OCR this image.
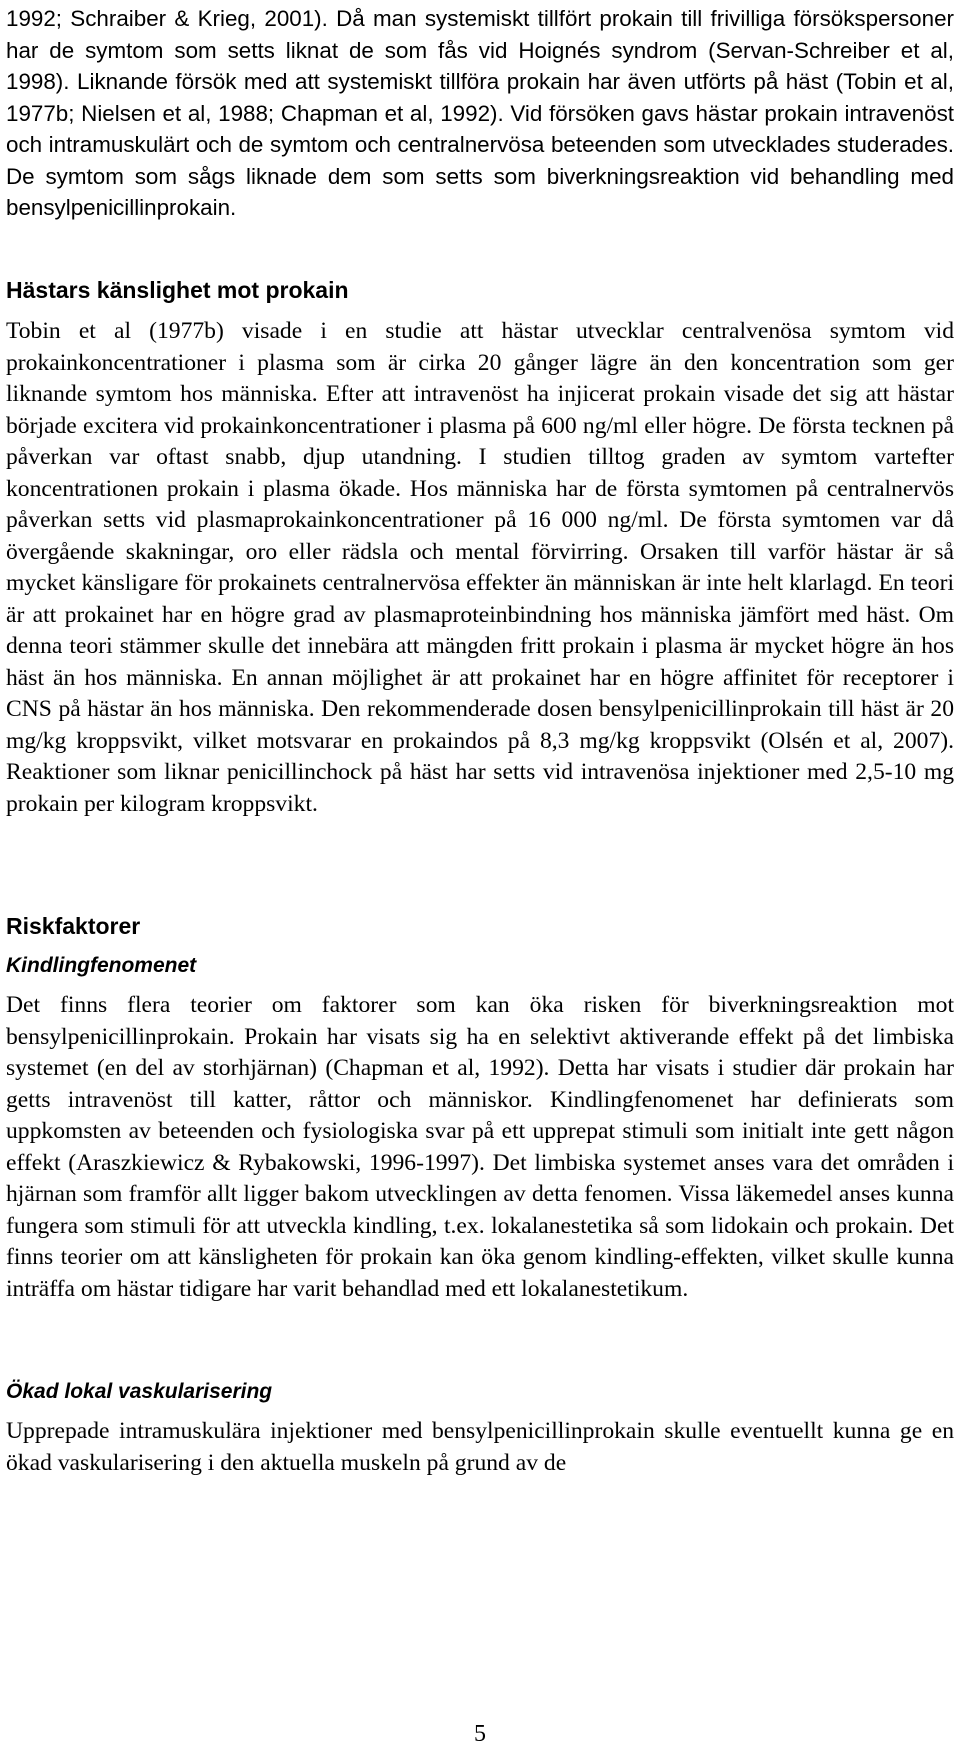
1992; Schraiber & Krieg, 2001). Då man systemiskt tillfört prokain till frivilliga försökspersoner har de symtom som setts liknat de som fås vid Hoignés syndrom (Servan-Schreiber et al, 1998). Liknande försök med att systemiskt tillföra prokain har även utförts på häst (Tobin et al, 1977b; Nielsen et al, 1988; Chapman et al, 1992). Vid försöken gavs hästar prokain intravenöst och intramuskulärt och de symtom och centralnervösa beteenden som utvecklades studerades. De symtom som sågs liknade dem som setts som biverkningsreaktion vid behandling med bensylpenicillinprokain.

Hästars känslighet mot prokain

Tobin et al (1977b) visade i en studie att hästar utvecklar centralvenösa symtom vid prokainkoncentrationer i plasma som är cirka 20 gånger lägre än den koncentration som ger liknande symtom hos människa. Efter att intravenöst ha injicerat prokain visade det sig att hästar började excitera vid prokainkoncentrationer i plasma på 600 ng/ml eller högre. De första tecknen på påverkan var oftast snabb, djup utandning. I studien tilltog graden av symtom vartefter koncentrationen prokain i plasma ökade. Hos människa har de första symtomen på centralnervös påverkan setts vid plasmaprokainkoncentrationer på 16 000 ng/ml. De första symtomen var då övergående skakningar, oro eller rädsla och mental förvirring. Orsaken till varför hästar är så mycket känsligare för prokainets centralnervösa effekter än människan är inte helt klarlagd. En teori är att prokainet har en högre grad av plasmaproteinbindning hos människa jämfört med häst. Om denna teori stämmer skulle det innebära att mängden fritt prokain i plasma är mycket högre än hos häst än hos människa. En annan möjlighet är att prokainet har en högre affinitet för receptorer i CNS på hästar än hos människa. Den rekommenderade dosen bensylpenicillinprokain till häst är 20 mg/kg kroppsvikt, vilket motsvarar en prokaindos på 8,3 mg/kg kroppsvikt (Olsén et al, 2007). Reaktioner som liknar penicillinchock på häst har setts vid intravenösa injektioner med 2,5-10 mg prokain per kilogram kroppsvikt.

Riskfaktorer
Kindlingfenomenet

Det finns flera teorier om faktorer som kan öka risken för biverkningsreaktion mot bensylpenicillinprokain. Prokain har visats sig ha en selektivt aktiverande effekt på det limbiska systemet (en del av storhjärnan) (Chapman et al, 1992). Detta har visats i studier där prokain har getts intravenöst till katter, råttor och människor. Kindlingfenomenet har definierats som uppkomsten av beteenden och fysiologiska svar på ett upprepat stimuli som initialt inte gett någon effekt (Araszkiewicz & Rybakowski, 1996-1997). Det limbiska systemet anses vara det områden i hjärnan som framför allt ligger bakom utvecklingen av detta fenomen. Vissa läkemedel anses kunna fungera som stimuli för att utveckla kindling, t.ex. lokalanestetika så som lidokain och prokain. Det finns teorier om att känsligheten för prokain kan öka genom kindling-effekten, vilket skulle kunna inträffa om hästar tidigare har varit behandlad med ett lokalanestetikum.

Ökad lokal vaskularisering

Upprepade intramuskulära injektioner med bensylpenicillinprokain skulle eventuellt kunna ge en ökad vaskularisering i den aktuella muskeln på grund av de

5
